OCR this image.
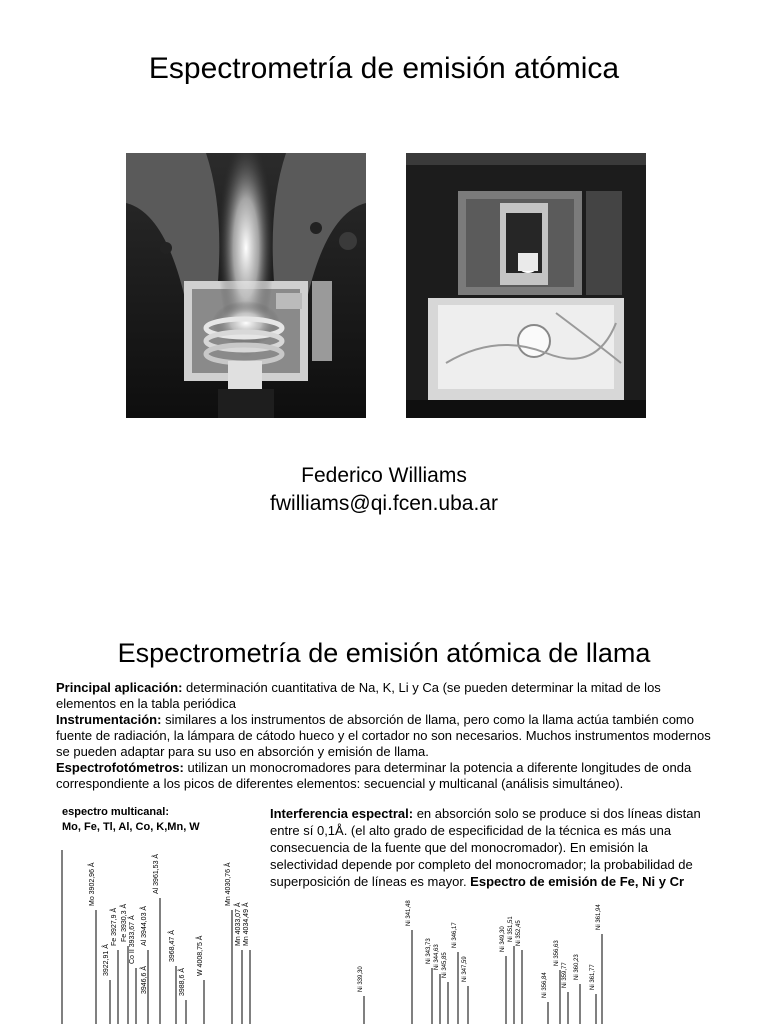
Espectrometría de emisión atómica
Federico Williams
fwilliams@qi.fcen.uba.ar
Espectrometría de emisión atómica de llama
Principal aplicación: determinación cuantitativa de Na, K, Li y Ca (se pueden determinar la mitad de los elementos en la tabla periódica
Instrumentación: similares a los instrumentos de absorción de llama, pero como la llama actúa también como fuente de radiación, la lámpara de cátodo hueco y el cortador no son necesarios. Muchos instrumentos modernos se pueden adaptar para su uso en absorción y emisión de llama.
Espectrofotómetros: utilizan un monocromadores para determinar la potencia a diferente longitudes de onda correspondiente a los picos de diferentes elementos: secuencial y multicanal (análisis simultáneo).
espectro multicanal:
Mo, Fe, Tl, Al, Co, K,Mn, W
Interferencia espectral: en absorción solo se produce si dos líneas distan entre sí 0,1Å. (el alto grado de especificidad de la técnica es más una consecuencia de la fuente que del monocromador). En emisión la selectividad depende por completo del monocromador; la probabilidad de superposición de líneas es mayor. Espectro de emisión de Fe, Ni y Cr
Mo 3902,96 Å
Fe 3927,9 Å Fe 3930,3 Å Co II 3933,67 Å Al 3944,03 Å
Al 3961,53 Å
3946,6 Å
3968,47 Å
3922,91 Å
3988,6 Å
W 4008,75 Å
Mn 4030,76 Å
Mn 4033,07 Å Mn 4034,49 Å	Ni 341,48
Ni 343,73 Ni 344,63 Ni 345,85
Ni 346,17
Ni 339,30
Ni 349,30
Ni 347,59
Ni 351,51 Ni 352,45
Ni 361,94
Ni 356,63
Ni 356,84 Ni 359,77 Ni 360,23 Ni 361,77
